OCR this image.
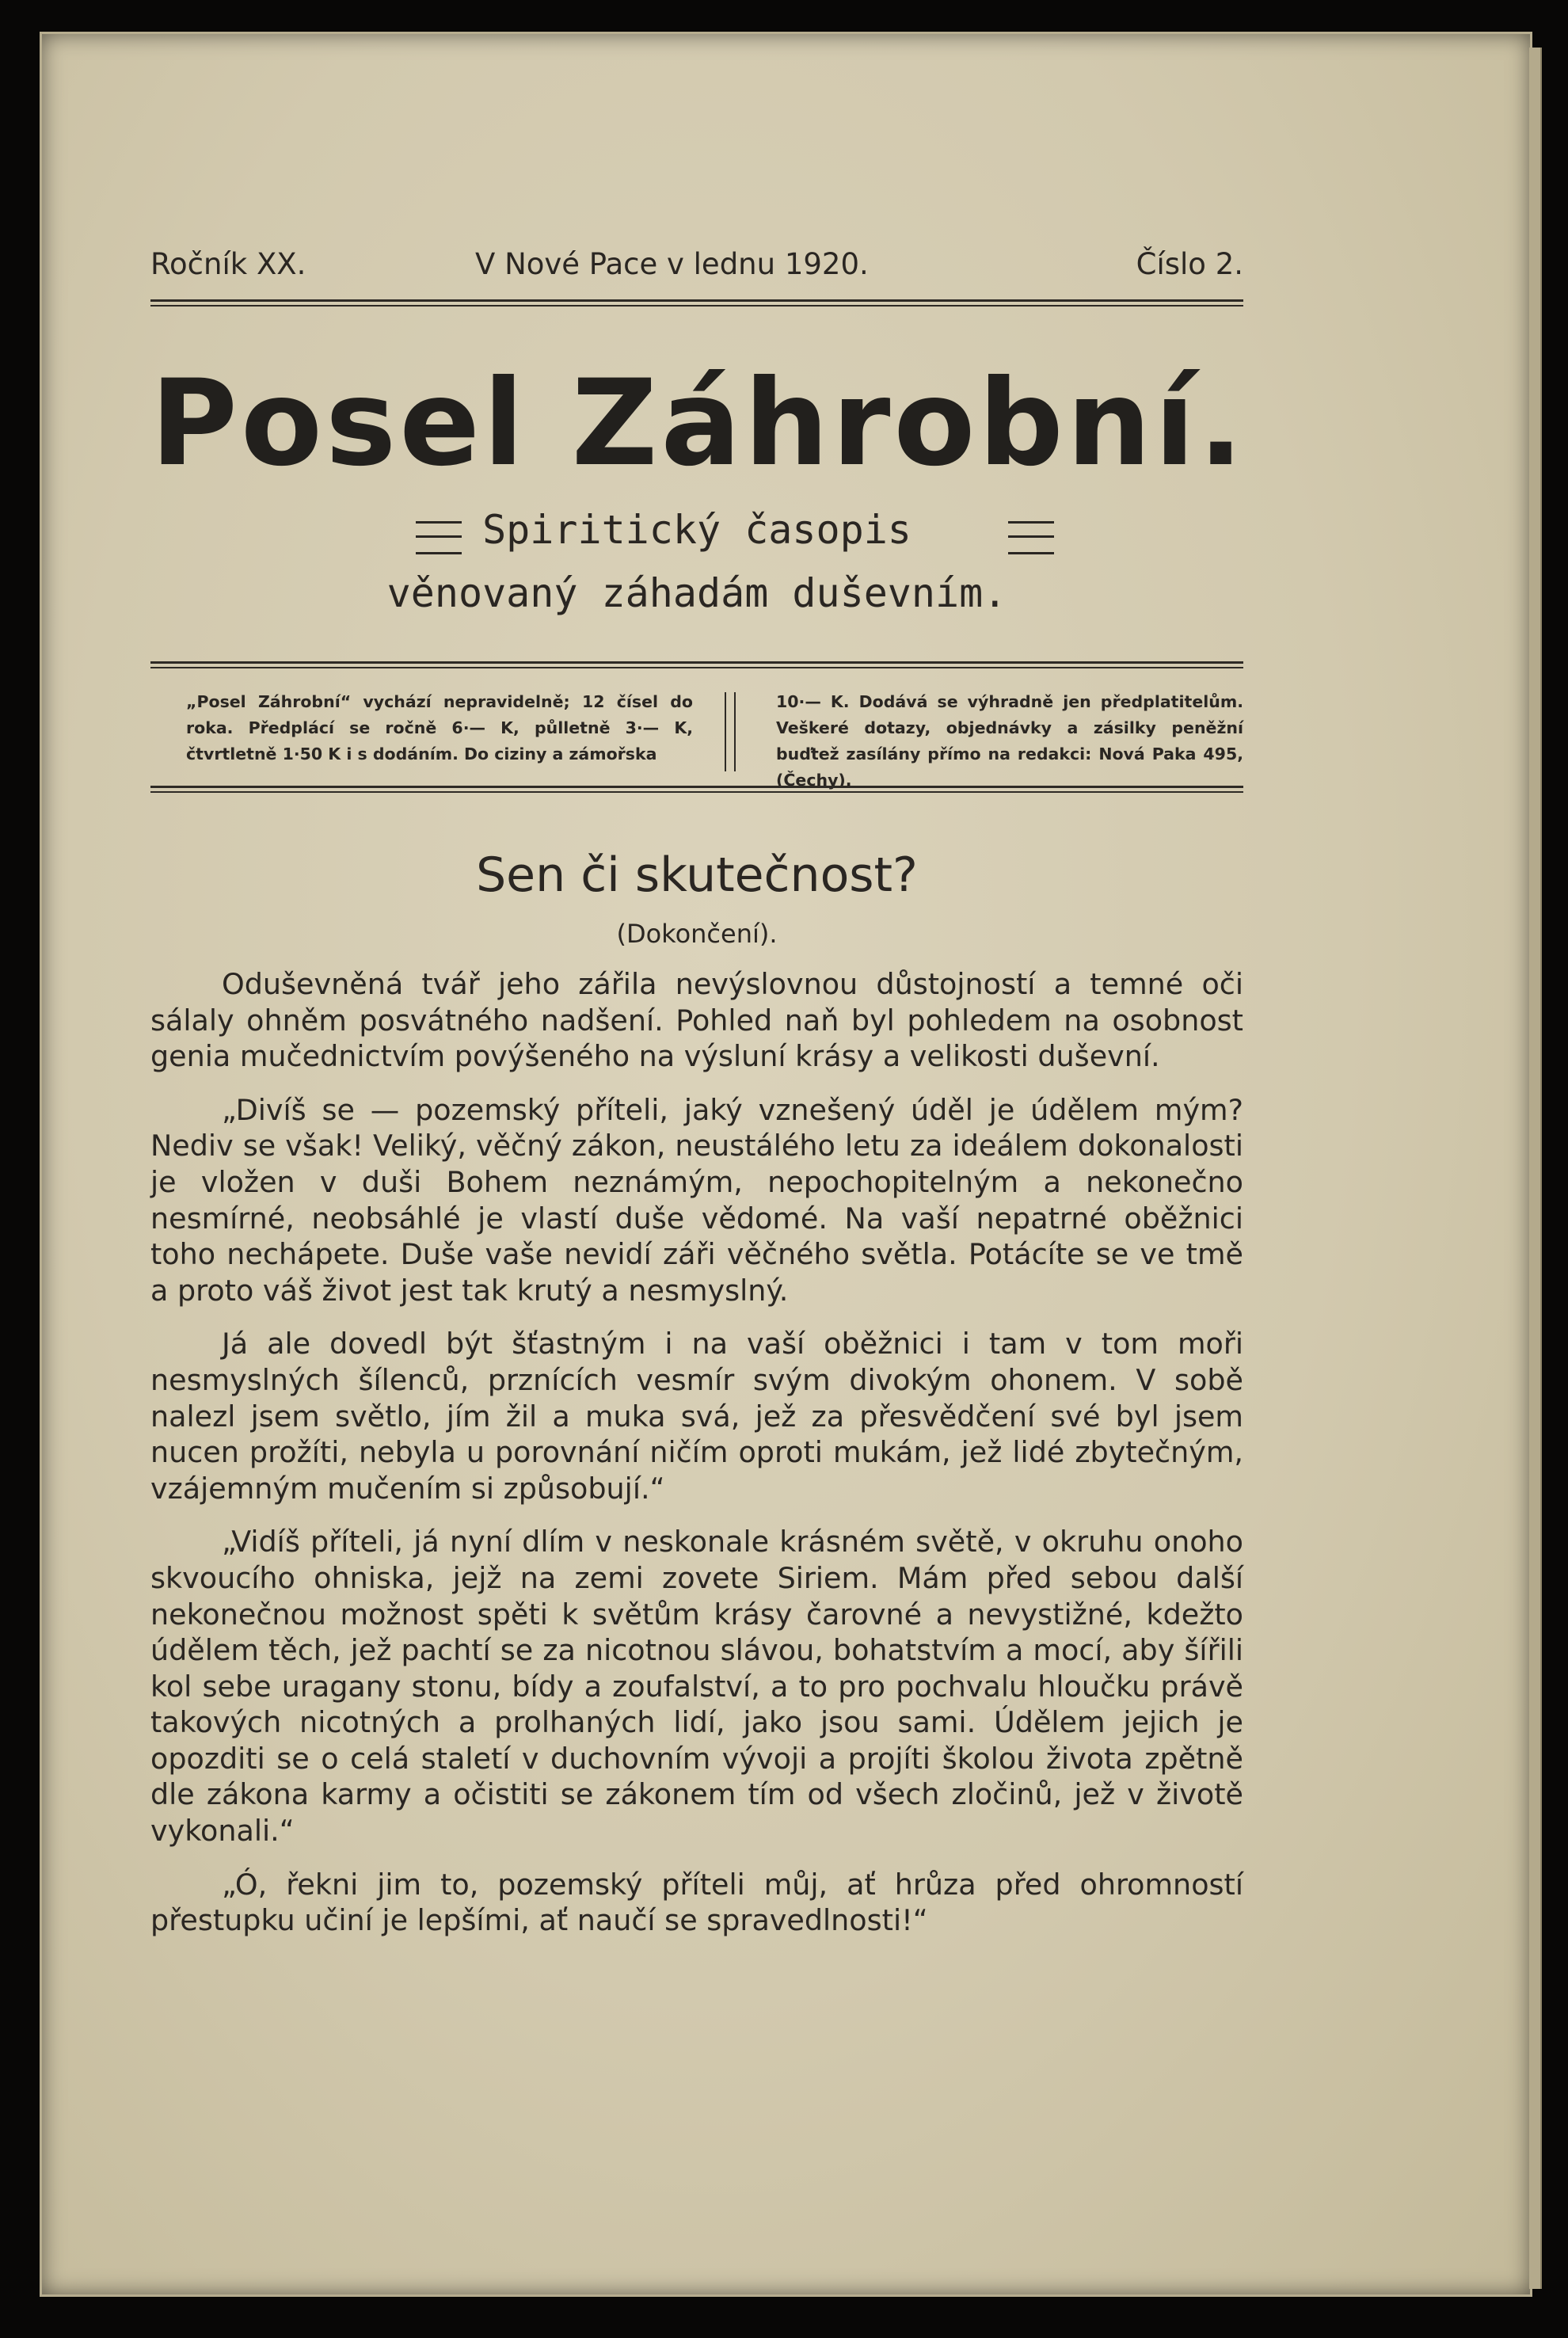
Ročník XX.	V Nové Pace v lednu 1920.	Číslo 2.
Posel Záhrobní.
Spiritický časopis
věnovaný záhadám duševním.
„Posel Záhrobní“ vychází nepravidelně; 12 čísel do roka. Předplácí se ročně 6·— K, půlletně 3·— K, čtvrtletně 1·50 K i s dodáním. Do ciziny a zámořska
10·— K. Dodává se výhradně jen předplatitelům. Veškeré dotazy, objednávky a zásilky peněžní buďtež zasílány přímo na redakci: Nová Paka 495, (Čechy).
Sen či skutečnost?
(Dokončení).

Oduševněná tvář jeho zářila nevýslovnou důstojností a temné oči sálaly ohněm posvátného nadšení. Pohled naň byl pohledem na osobnost genia mučednictvím povýšeného na výsluní krásy a velikosti duševní.

„Divíš se — pozemský příteli, jaký vznešený úděl je údělem mým? Nediv se však! Veliký, věčný zákon, neustálého letu za ideálem dokonalosti je vložen v duši Bohem neznámým, nepochopitelným a nekonečno nesmírné, neobsáhlé je vlastí duše vědomé. Na vaší nepatrné oběžnici toho nechápete. Duše vaše nevidí záři věčného světla. Potácíte se ve tmě a proto váš život jest tak krutý a nesmyslný.

Já ale dovedl být šťastným i na vaší oběžnici i tam v tom moři nesmyslných šílenců, prznících vesmír svým divokým ohonem. V sobě nalezl jsem světlo, jím žil a muka svá, jež za přesvědčení své byl jsem nucen prožíti, nebyla u porovnání ničím oproti mukám, jež lidé zbytečným, vzájemným mučením si způsobují.“

„Vidíš příteli, já nyní dlím v neskonale krásném světě, v okruhu onoho skvoucího ohniska, jejž na zemi zovete Siriem. Mám před sebou další nekonečnou možnost spěti k světům krásy čarovné a nevystižné, kdežto údělem těch, jež pachtí se za nicotnou slávou, bohatstvím a mocí, aby šířili kol sebe uragany stonu, bídy a zoufalství, a to pro pochvalu hloučku právě takových nicotných a prolhaných lidí, jako jsou sami. Údělem jejich je opozditi se o celá staletí v duchovním vývoji a projíti školou života zpětně dle zákona karmy a očistiti se zákonem tím od všech zločinů, jež v životě vykonali.“

„Ó, řekni jim to, pozemský příteli můj, ať hrůza před ohromností přestupku učiní je lepšími, ať naučí se spravedlnosti!“
